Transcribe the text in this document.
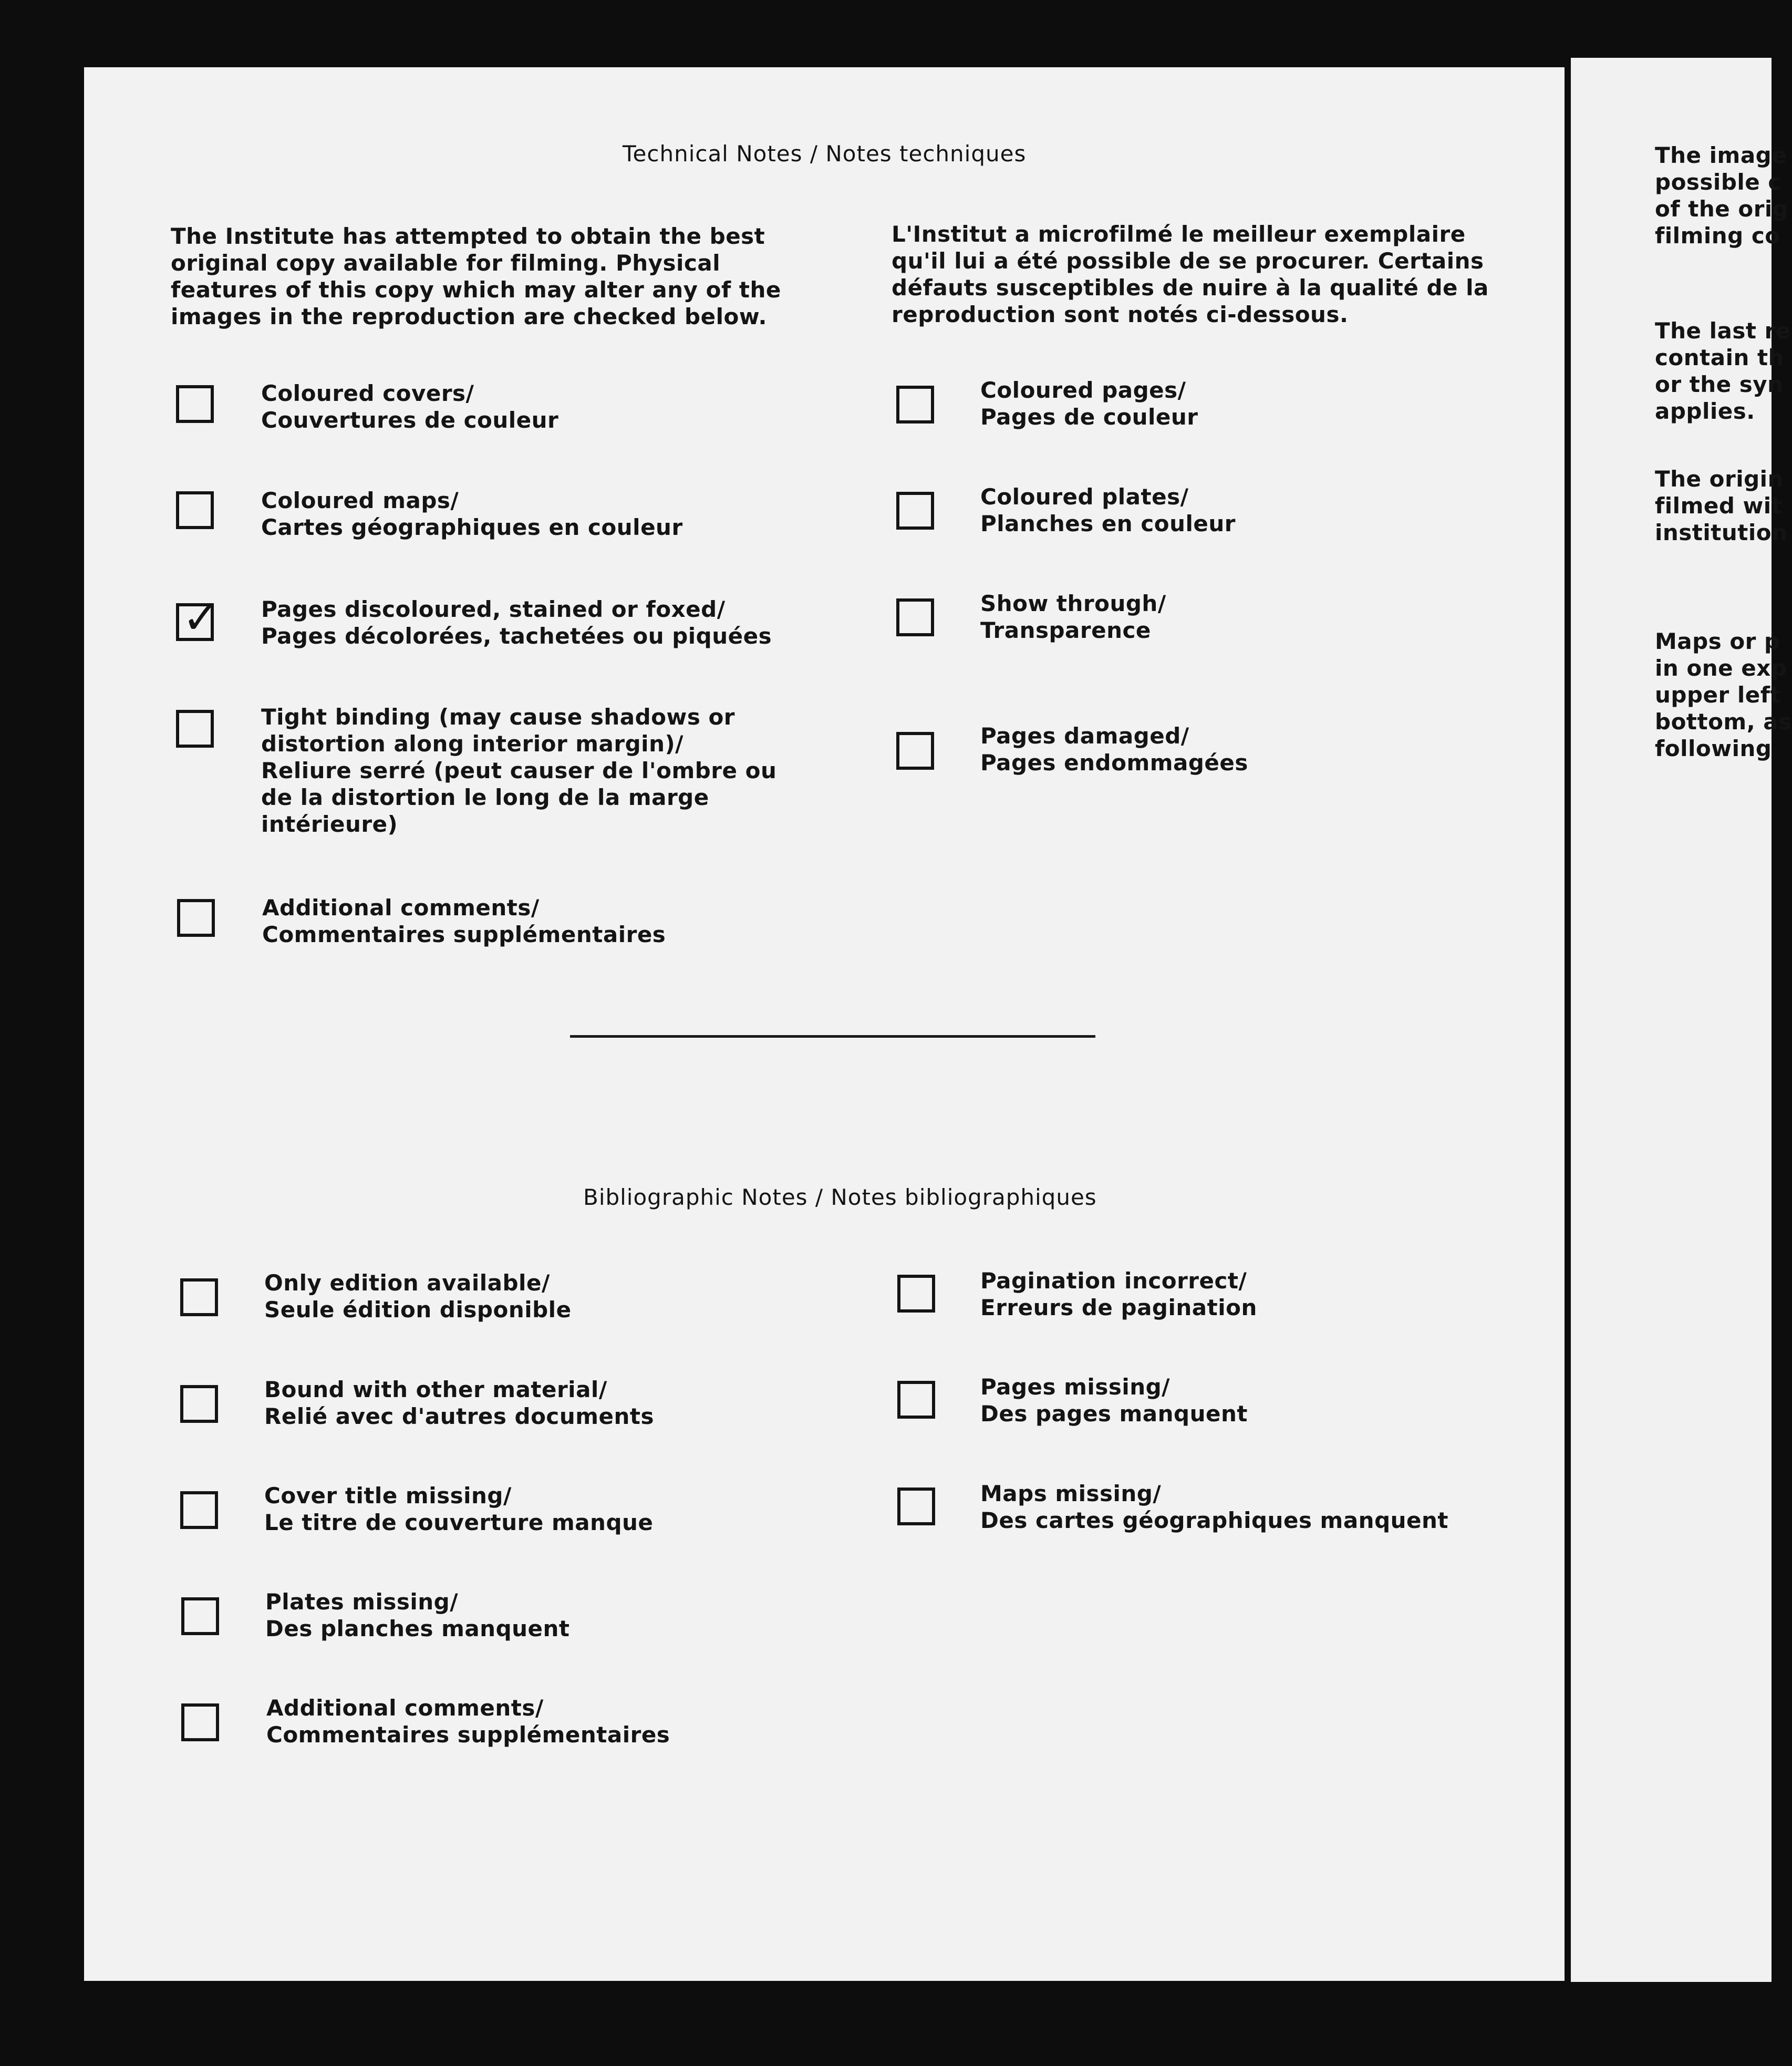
Technical Notes / Notes techniques
The Institute has attempted to obtain the best
original copy available for filming. Physical
features of this copy which may alter any of the
images in the reproduction are checked below.
L'Institut a microfilmé le meilleur exemplaire
qu'il lui a été possible de se procurer. Certains
défauts susceptibles de nuire à la qualité de la
reproduction sont notés ci-dessous.
Coloured covers/
Couvertures de couleur
Coloured maps/
Cartes géographiques en couleur
✓ Pages discoloured, stained or foxed/
Pages décolorées, tachetées ou piquées
Tight binding (may cause shadows or
distortion along interior margin)/
Reliure serré (peut causer de l'ombre ou
de la distortion le long de la marge
intérieure)
Additional comments/
Commentaires supplémentaires
Coloured pages/
Pages de couleur
Coloured plates/
Planches en couleur
Show through/
Transparence
Pages damaged/
Pages endommagées
Bibliographic Notes / Notes bibliographiques
Only edition available/
Seule édition disponible
Bound with other material/
Relié avec d'autres documents
Cover title missing/
Le titre de couverture manque
Plates missing/
Des planches manquent
Additional comments/
Commentaires supplémentaires
Pagination incorrect/
Erreurs de pagination
Pages missing/
Des pages manquent
Maps missing/
Des cartes géographiques manquent
The image
possible c
of the orig
filming co
The last re
contain th
or the syn
applies.
The origin
filmed wit
institution
Maps or p
in one exp
upper left
bottom, as
following
